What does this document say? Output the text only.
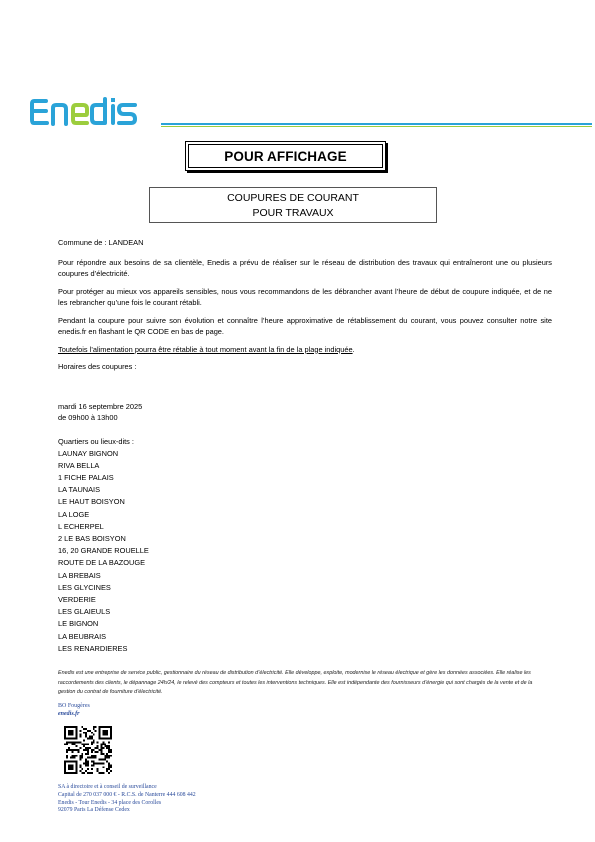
POUR AFFICHAGE
COUPURES DE COURANT
POUR TRAVAUX

Commune de : LANDEAN

Pour répondre aux besoins de sa clientèle, Enedis a prévu de réaliser sur le réseau de distribution des travaux qui entraîneront une ou plusieurs coupures d’électricité.

Pour protéger au mieux vos appareils sensibles, nous vous recommandons de les débrancher avant l’heure de début de coupure indiquée, et de ne les rebrancher qu’une fois le courant rétabli.

Pendant la coupure pour suivre son évolution et connaître l’heure approximative de rétablissement du courant, vous pouvez consulter notre site enedis.fr en flashant le QR CODE en bas de page.

Toutefois l’alimentation pourra être rétablie à tout moment avant la fin de la plage indiquée.

Horaires des coupures :

mardi 16 septembre 2025
de 09h00 à 13h00
Quartiers ou lieux-dits :
LAUNAY BIGNON
RIVA BELLA
1 FICHE PALAIS
LA TAUNAIS
LE HAUT BOISYON
LA LOGE
L ECHERPEL
2 LE BAS BOISYON
16, 20 GRANDE ROUELLE
ROUTE DE LA BAZOUGE
LA BREBAIS
LES GLYCINES
VERDERIE
LES GLAIEULS
LE BIGNON
LA BEUBRAIS
LES RENARDIERES
Enedis est une entreprise de service public, gestionnaire du réseau de distribution d’électricité. Elle développe, exploite, modernise le réseau électrique et gère les données associées. Elle réalise les raccordements des clients, le dépannage 24h/24, le relevé des compteurs et toutes les interventions techniques. Elle est indépendante des fournisseurs d’énergie qui sont chargés de la vente et de la gestion du contrat de fourniture d’électricité.
BO Fougères
enedis.fr
SA à directoire et à conseil de surveillance
Capital de 270 037 000 € - R.C.S. de Nanterre 444 608 442
Enedis - Tour Enedis - 34 place des Corolles
92079 Paris La Défense Cedex
